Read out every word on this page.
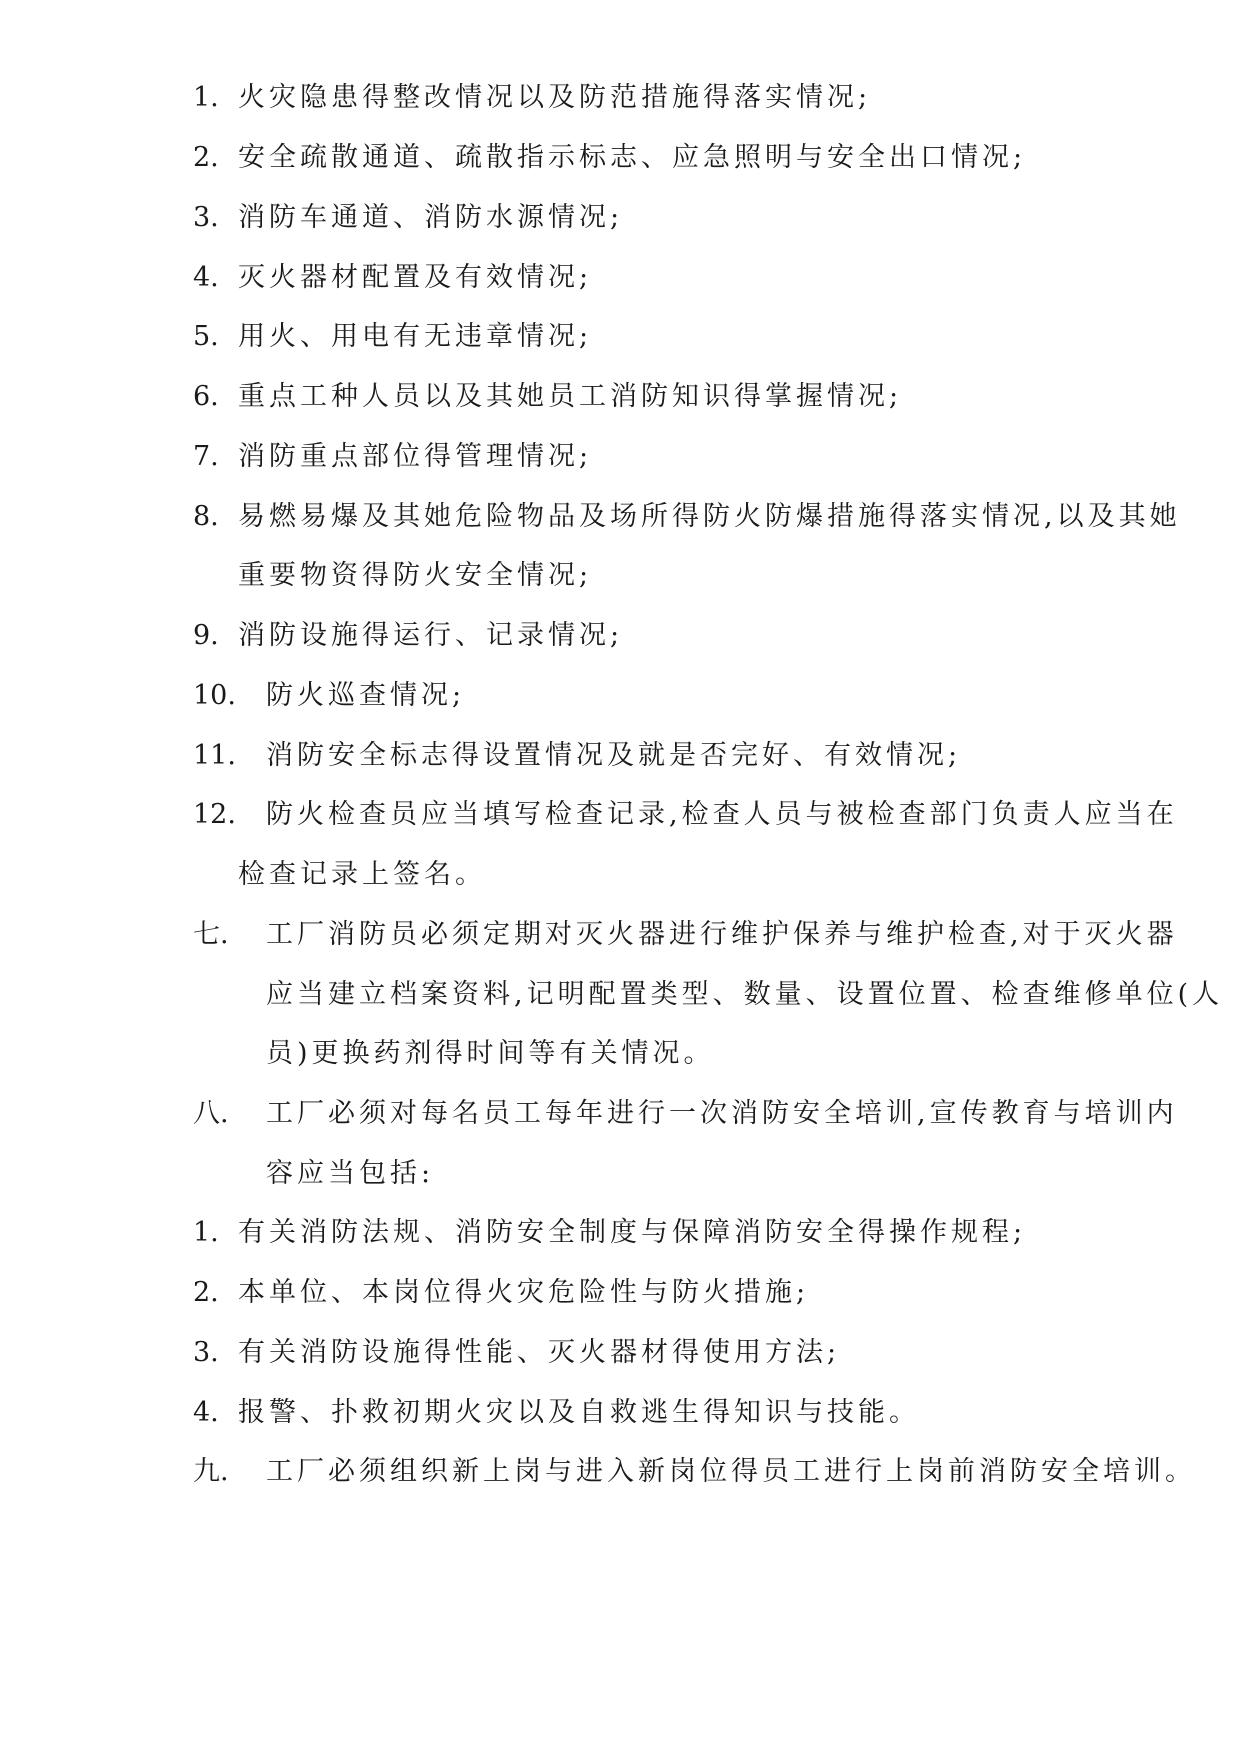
1. 火灾隐患得整改情况以及防范措施得落实情况;
2. 安全疏散通道、疏散指示标志、应急照明与安全出口情况;
3. 消防车通道、消防水源情况;
4. 灭火器材配置及有效情况;
5. 用火、用电有无违章情况;
6. 重点工种人员以及其她员工消防知识得掌握情况;
7. 消防重点部位得管理情况;
8. 易燃易爆及其她危险物品及场所得防火防爆措施得落实情况,以及其她
重要物资得防火安全情况;
9. 消防设施得运行、记录情况;
10. 防火巡查情况;
11. 消防安全标志得设置情况及就是否完好、有效情况;
12. 防火检查员应当填写检查记录,检查人员与被检查部门负责人应当在
检查记录上签名。
七. 工厂消防员必须定期对灭火器进行维护保养与维护检查,对于灭火器
应当建立档案资料,记明配置类型、数量、设置位置、检查维修单位(人
员)更换药剂得时间等有关情况。
八. 工厂必须对每名员工每年进行一次消防安全培训,宣传教育与培训内
容应当包括:
1. 有关消防法规、消防安全制度与保障消防安全得操作规程;
2. 本单位、本岗位得火灾危险性与防火措施;
3. 有关消防设施得性能、灭火器材得使用方法;
4. 报警、扑救初期火灾以及自救逃生得知识与技能。
九. 工厂必须组织新上岗与进入新岗位得员工进行上岗前消防安全培训。
